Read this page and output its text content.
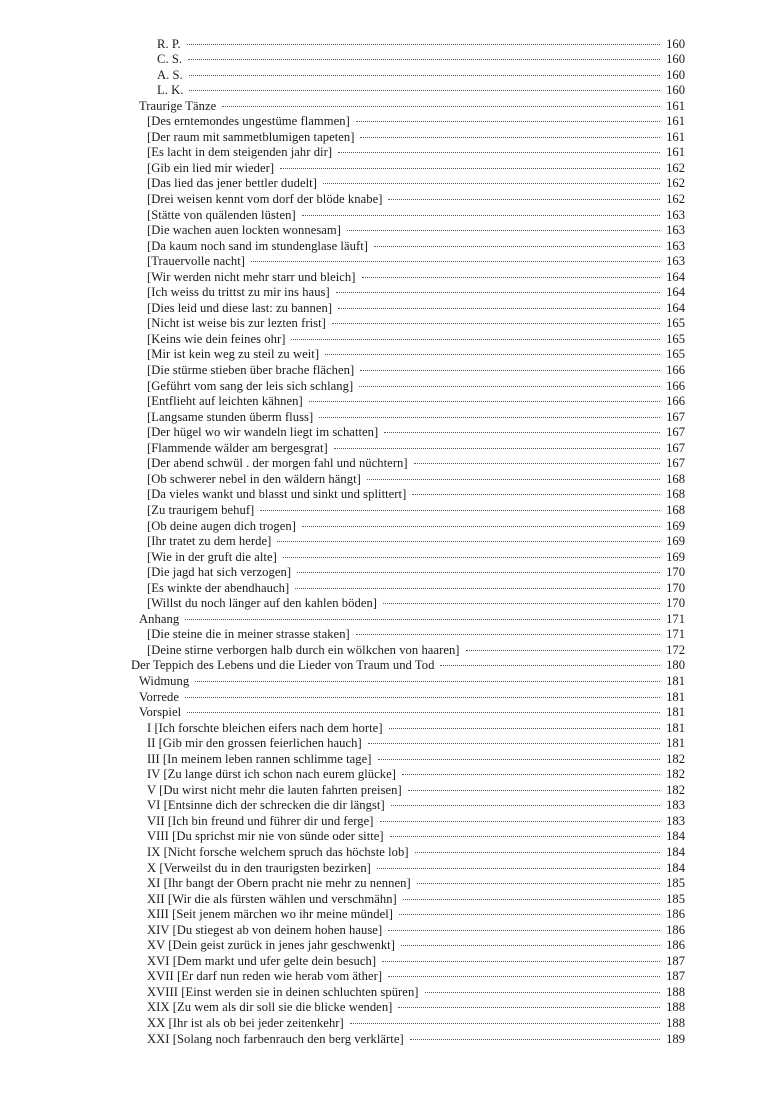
R. P.	160
C. S.	160
A. S.	160
L. K.	160
Traurige Tänze	161
[Des erntemondes ungestüme flammen]	161
[Der raum mit sammetblumigen tapeten]	161
[Es lacht in dem steigenden jahr dir]	161
[Gib ein lied mir wieder]	162
[Das lied das jener bettler dudelt]	162
[Drei weisen kennt vom dorf der blöde knabe]	162
[Stätte von quälenden lüsten]	163
[Die wachen auen lockten wonnesam]	163
[Da kaum noch sand im stundenglase läuft]	163
[Trauervolle nacht]	163
[Wir werden nicht mehr starr und bleich]	164
[Ich weiss du trittst zu mir ins haus]	164
[Dies leid und diese last: zu bannen]	164
[Nicht ist weise bis zur lezten frist]	165
[Keins wie dein feines ohr]	165
[Mir ist kein weg zu steil zu weit]	165
[Die stürme stieben über brache flächen]	166
[Geführt vom sang der leis sich schlang]	166
[Entflieht auf leichten kähnen]	166
[Langsame stunden überm fluss]	167
[Der hügel wo wir wandeln liegt im schatten]	167
[Flammende wälder am bergesgrat]	167
[Der abend schwül . der morgen fahl und nüchtern]	167
[Ob schwerer nebel in den wäldern hängt]	168
[Da vieles wankt und blasst und sinkt und splittert]	168
[Zu traurigem behuf]	168
[Ob deine augen dich trogen]	169
[Ihr tratet zu dem herde]	169
[Wie in der gruft die alte]	169
[Die jagd hat sich verzogen]	170
[Es winkte der abendhauch]	170
[Willst du noch länger auf den kahlen böden]	170
Anhang	171
[Die steine die in meiner strasse staken]	171
[Deine stirne verborgen halb durch ein wölkchen von haaren]	172
Der Teppich des Lebens und die Lieder von Traum und Tod	180
Widmung	181
Vorrede	181
Vorspiel	181
I [Ich forschte bleichen eifers nach dem horte]	181
II [Gib mir den grossen feierlichen hauch]	181
III [In meinem leben rannen schlimme tage]	182
IV [Zu lange dürst ich schon nach eurem glücke]	182
V [Du wirst nicht mehr die lauten fahrten preisen]	182
VI [Entsinne dich der schrecken die dir längst]	183
VII [Ich bin freund und führer dir und ferge]	183
VIII [Du sprichst mir nie von sünde oder sitte]	184
IX [Nicht forsche welchem spruch das höchste lob]	184
X [Verweilst du in den traurigsten bezirken]	184
XI [Ihr bangt der Obern pracht nie mehr zu nennen]	185
XII [Wir die als fürsten wählen und verschmähn]	185
XIII [Seit jenem märchen wo ihr meine mündel]	186
XIV [Du stiegest ab von deinem hohen hause]	186
XV [Dein geist zurück in jenes jahr geschwenkt]	186
XVI [Dem markt und ufer gelte dein besuch]	187
XVII [Er darf nun reden wie herab vom äther]	187
XVIII [Einst werden sie in deinen schluchten spüren]	188
XIX [Zu wem als dir soll sie die blicke wenden]	188
XX [Ihr ist als ob bei jeder zeitenkehr]	188
XXI [Solang noch farbenrauch den berg verklärte]	189
